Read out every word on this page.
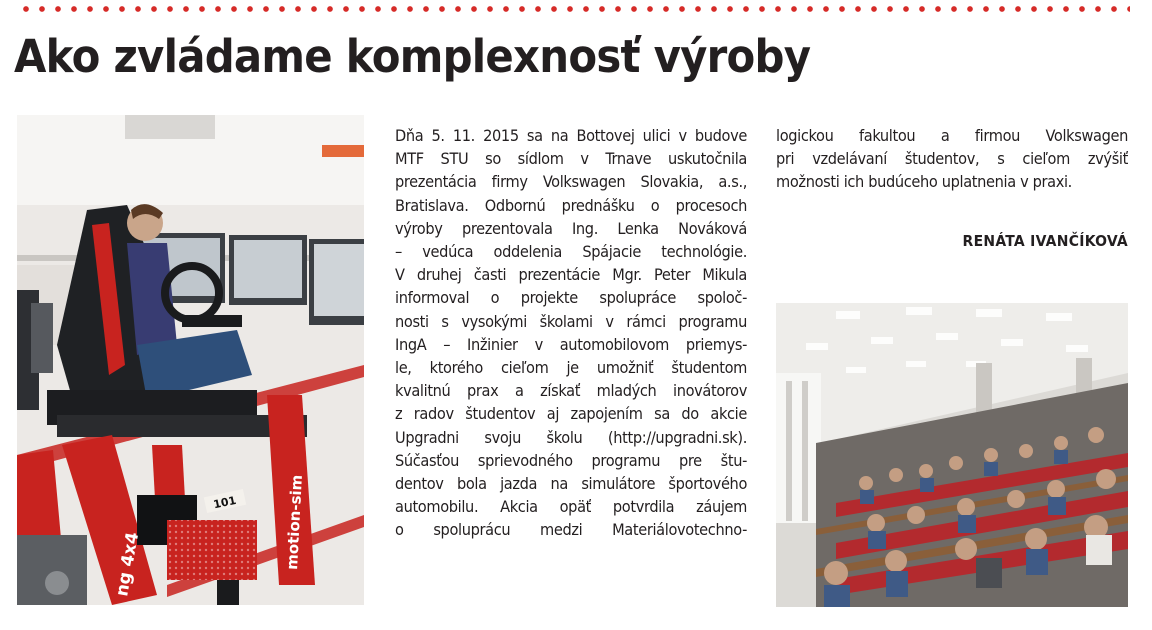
Ako zvládame komplexnosť výroby
101	motion-sim
ng 4x4

Dňa 5. 11. 2015 sa na Bottovej ulici v budove

MTF STU so sídlom v Trnave uskutočnila

prezentácia firmy Volkswagen Slovakia, a.s.,

Bratislava. Odbornú prednášku o procesoch

výroby prezentovala Ing. Lenka Nováková

– vedúca oddelenia Spájacie technológie.

V druhej časti prezentácie Mgr. Peter Mikula

informoval o projekte spolupráce spoloč-

nosti s vysokými školami v rámci programu

IngA – Inžinier v automobilovom priemys-

le, ktorého cieľom je umožniť študentom

kvalitnú prax a získať mladých inovátorov

z radov študentov aj zapojením sa do akcie

Upgradni svoju školu (http://upgradni.sk).

Súčasťou sprievodného programu pre štu-

dentov bola jazda na simulátore športového

automobilu. Akcia opäť potvrdila záujem

o spoluprácu medzi Materiálovotechno-

logickou fakultou a firmou Volkswagen

pri vzdelávaní študentov, s cieľom zvýšiť

možnosti ich budúceho uplatnenia v praxi.

RENÁTA IVANČÍKOVÁ
